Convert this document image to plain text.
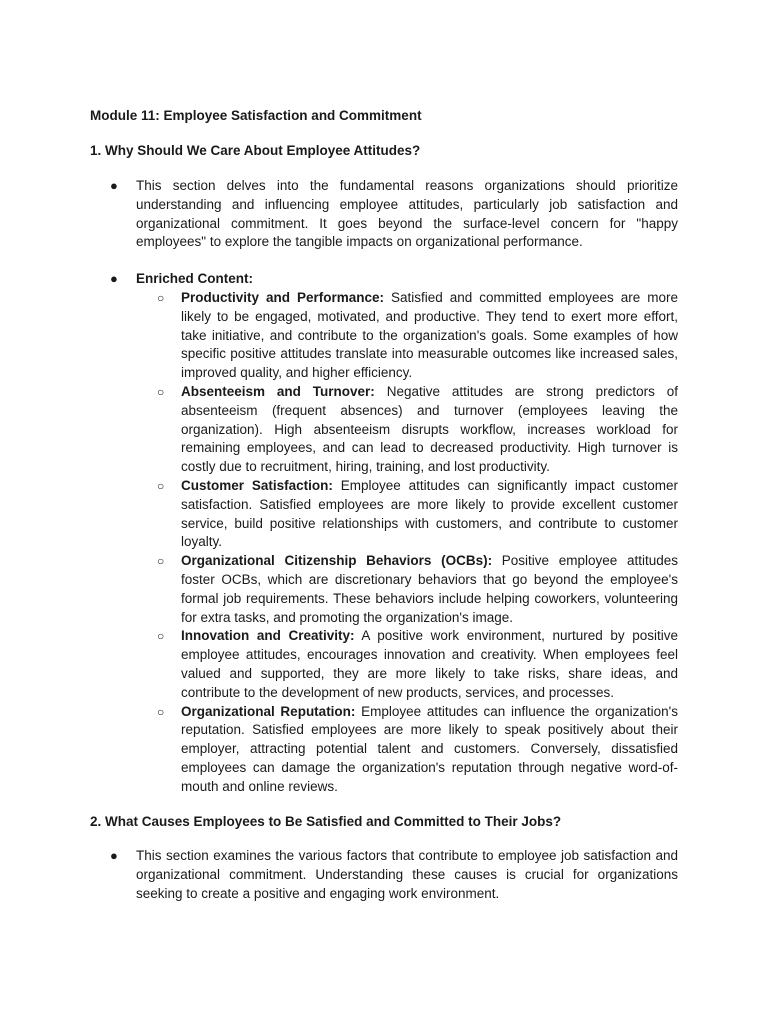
Module 11: Employee Satisfaction and Commitment
1. Why Should We Care About Employee Attitudes?
●	This section delves into the fundamental reasons organizations should prioritize understanding and influencing employee attitudes, particularly job satisfaction and organizational commitment. It goes beyond the surface-level concern for "happy employees" to explore the tangible impacts on organizational performance.
●	Enriched Content:
○ Productivity and Performance: Satisfied and committed employees are more likely to be engaged, motivated, and productive. They tend to exert more effort, take initiative, and contribute to the organization's goals. Some examples of how specific positive attitudes translate into measurable outcomes like increased sales, improved quality, and higher efficiency.
○ Absenteeism and Turnover: Negative attitudes are strong predictors of absenteeism (frequent absences) and turnover (employees leaving the organization). High absenteeism disrupts workflow, increases workload for remaining employees, and can lead to decreased productivity. High turnover is costly due to recruitment, hiring, training, and lost productivity.
○ Customer Satisfaction: Employee attitudes can significantly impact customer satisfaction. Satisfied employees are more likely to provide excellent customer service, build positive relationships with customers, and contribute to customer loyalty.
○ Organizational Citizenship Behaviors (OCBs): Positive employee attitudes foster OCBs, which are discretionary behaviors that go beyond the employee's formal job requirements. These behaviors include helping coworkers, volunteering for extra tasks, and promoting the organization's image.
○ Innovation and Creativity: A positive work environment, nurtured by positive employee attitudes, encourages innovation and creativity. When employees feel valued and supported, they are more likely to take risks, share ideas, and contribute to the development of new products, services, and processes.
○ Organizational Reputation: Employee attitudes can influence the organization's reputation. Satisfied employees are more likely to speak positively about their employer, attracting potential talent and customers. Conversely, dissatisfied employees can damage the organization's reputation through negative word-of-mouth and online reviews.
2. What Causes Employees to Be Satisfied and Committed to Their Jobs?
●	This section examines the various factors that contribute to employee job satisfaction and organizational commitment. Understanding these causes is crucial for organizations seeking to create a positive and engaging work environment.
